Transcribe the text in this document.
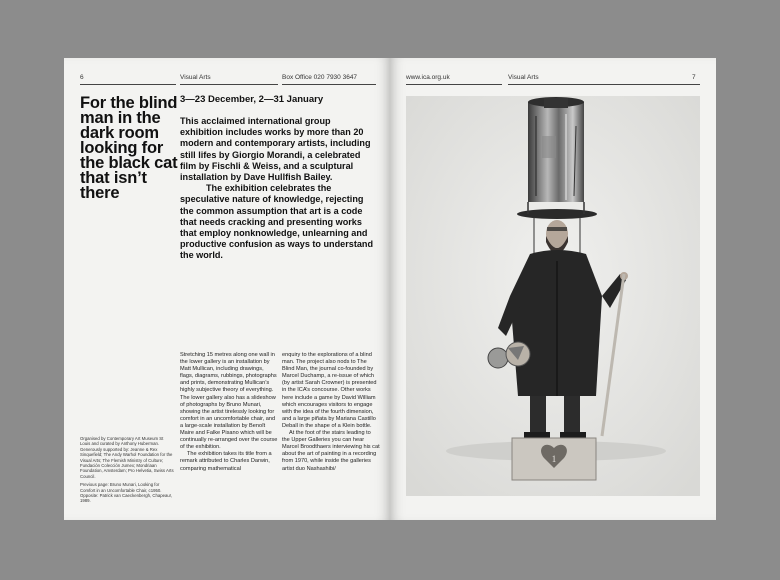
6	Visual Arts	Box Office 020 7930 3647
For the blind man in the dark room looking for the black cat that isn’t there
3—23 December, 2—31 January

This acclaimed international group exhibition includes works by more than 20 modern and contemporary artists, including still lifes by Giorgio Morandi, a celebrated film by Fischli & Weiss, and a sculptural installation by Dave Hullfish Bailey.

The exhibition celebrates the speculative nature of knowledge, rejecting the common assumption that art is a code that needs cracking and presenting works that employ nonknowledge, unlearning and productive confusion as ways to understand the world.

Stretching 15 metres along one wall in the lower gallery is an installation by Matt Mullican, including drawings, flags, diagrams, rubbings, photographs and prints, demonstrating Mullican’s highly subjective theory of everything. The lower gallery also has a slideshow of photographs by Bruno Munari, showing the artist tirelessly looking for comfort in an uncomfortable chair, and a large-scale installation by Benoît Maire and Falke Pisano which will be continually re-arranged over the course of the exhibition.

The exhibition takes its title from a remark attributed to Charles Darwin, comparing mathematical

enquiry to the explorations of a blind man. The project also nods to The Blind Man, the journal co-founded by Marcel Duchamp, a re-issue of which (by artist Sarah Crowner) is presented in the ICA’s concourse. Other works here include a game by David William which encourages visitors to engage with the idea of the fourth dimension, and a large piñata by Mariana Castillo Deball in the shape of a Klein bottle.

At the foot of the stairs leading to the Upper Galleries you can hear Marcel Broodthaers interviewing his cat about the art of painting in a recording from 1970, while inside the galleries artist duo Nashashibi/

Organised by Contemporary Art Museum St Louis and curated by Anthony Huberman. Generously supported by: Jeanne & Rex Sinquefield; The Andy Warhol Foundation for the Visual Arts; The Flemish Ministry of Culture; Fundación Colección Jumex; Mondriaan Foundation, Amsterdam; Pro Helvetia, Swiss Arts Council.

Previous page: Bruno Munari, Looking for Comfort in an Uncomfortable Chair, c1950. Opposite: Patrick van Caeckenbergh, Chapeau!, 1989.

www.ica.org.uk	Visual Arts	7
1
